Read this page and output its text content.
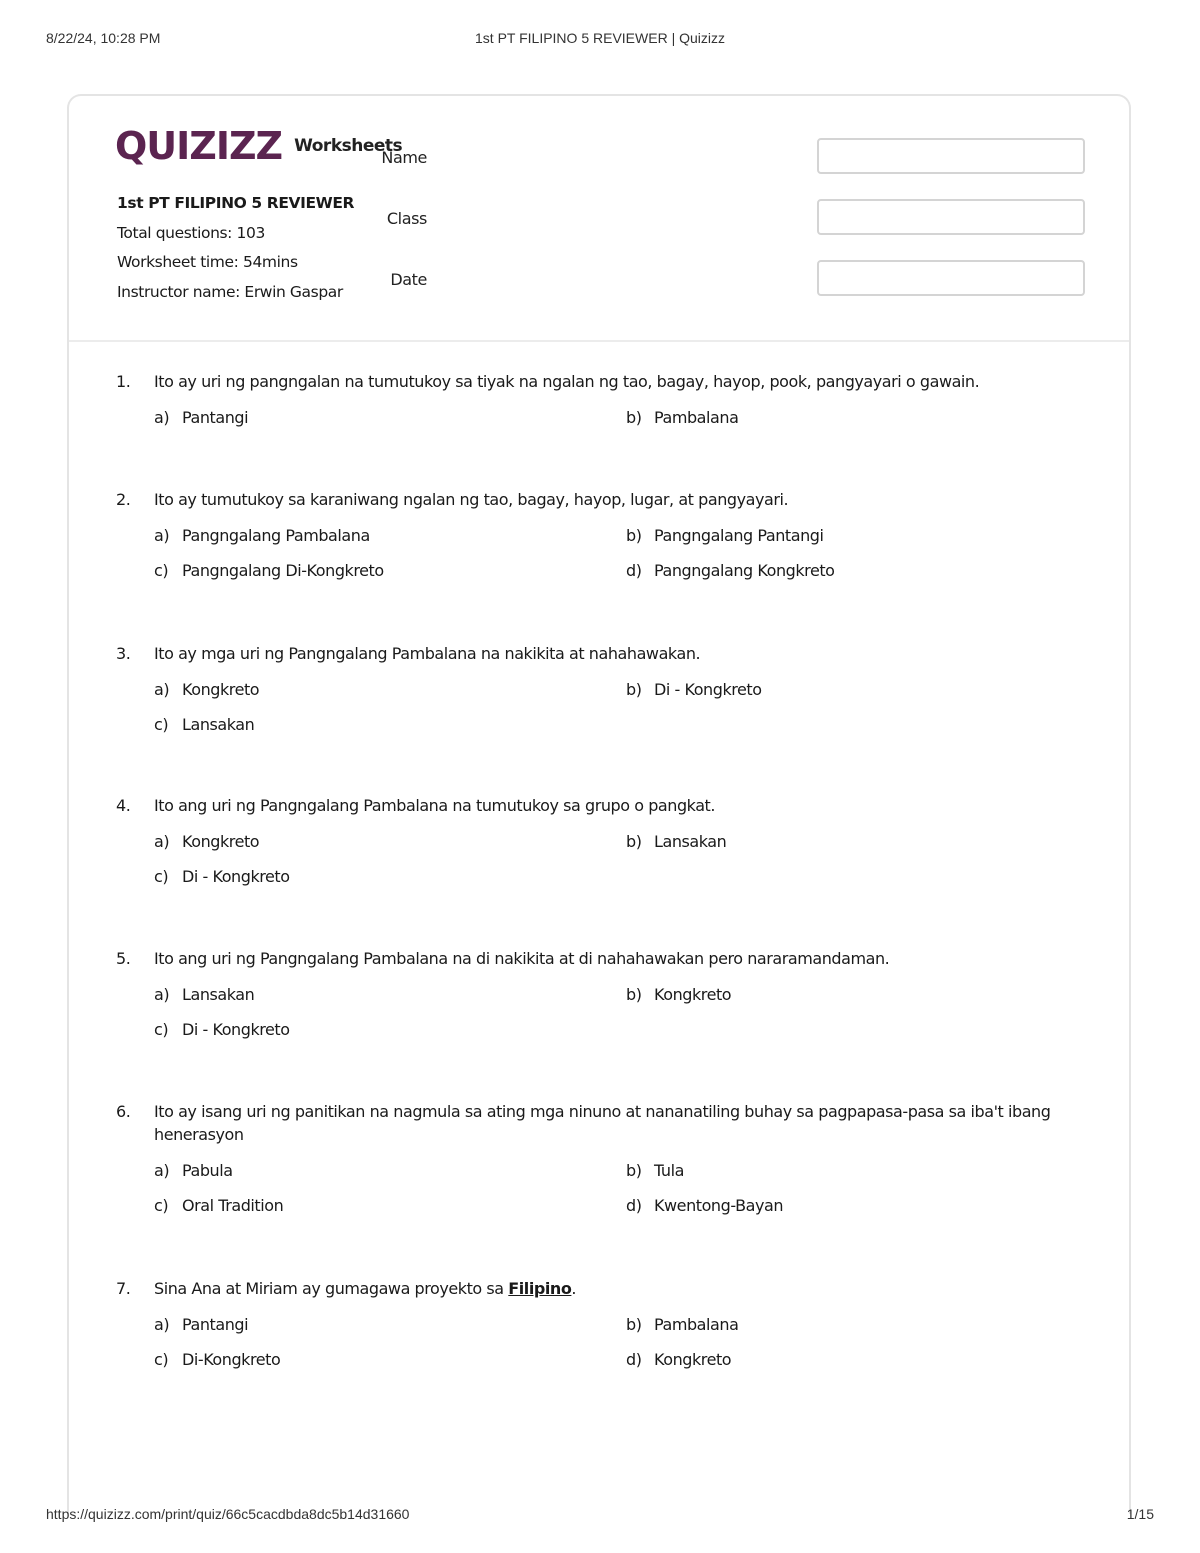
8/22/24, 10:28 PM	1st PT FILIPINO 5 REVIEWER | Quizizz
QUIZIZZ Worksheets
1st PT FILIPINO 5 REVIEWER
Total questions: 103
Worksheet time: 54mins
Instructor name: Erwin Gaspar
Name
Class
Date
1.	Ito ay uri ng pangngalan na tumutukoy sa tiyak na ngalan ng tao, bagay, hayop, pook, pangyayari o gawain.
a) Pantangi	b) Pambalana
2.	Ito ay tumutukoy sa karaniwang ngalan ng tao, bagay, hayop, lugar, at pangyayari.
a) Pangngalang Pambalana	b) Pangngalang Pantangi
c) Pangngalang Di-Kongkreto	d) Pangngalang Kongkreto
3.	Ito ay mga uri ng Pangngalang Pambalana na nakikita at nahahawakan.
a) Kongkreto	b) Di - Kongkreto
c) Lansakan
4.	Ito ang uri ng Pangngalang Pambalana na tumutukoy sa grupo o pangkat.
a) Kongkreto	b) Lansakan
c) Di - Kongkreto
5.	Ito ang uri ng Pangngalang Pambalana na di nakikita at di nahahawakan pero nararamandaman.
a) Lansakan	b) Kongkreto
c) Di - Kongkreto
6.	Ito ay isang uri ng panitikan na nagmula sa ating mga ninuno at nananatiling buhay sa pagpapasa-pasa sa iba't ibang henerasyon
a) Pabula	b) Tula
c) Oral Tradition	d) Kwentong-Bayan
7.	Sina Ana at Miriam ay gumagawa proyekto sa Filipino.
a) Pantangi	b) Pambalana
c) Di-Kongkreto	d) Kongkreto
https://quizizz.com/print/quiz/66c5cacdbda8dc5b14d31660	1/15
